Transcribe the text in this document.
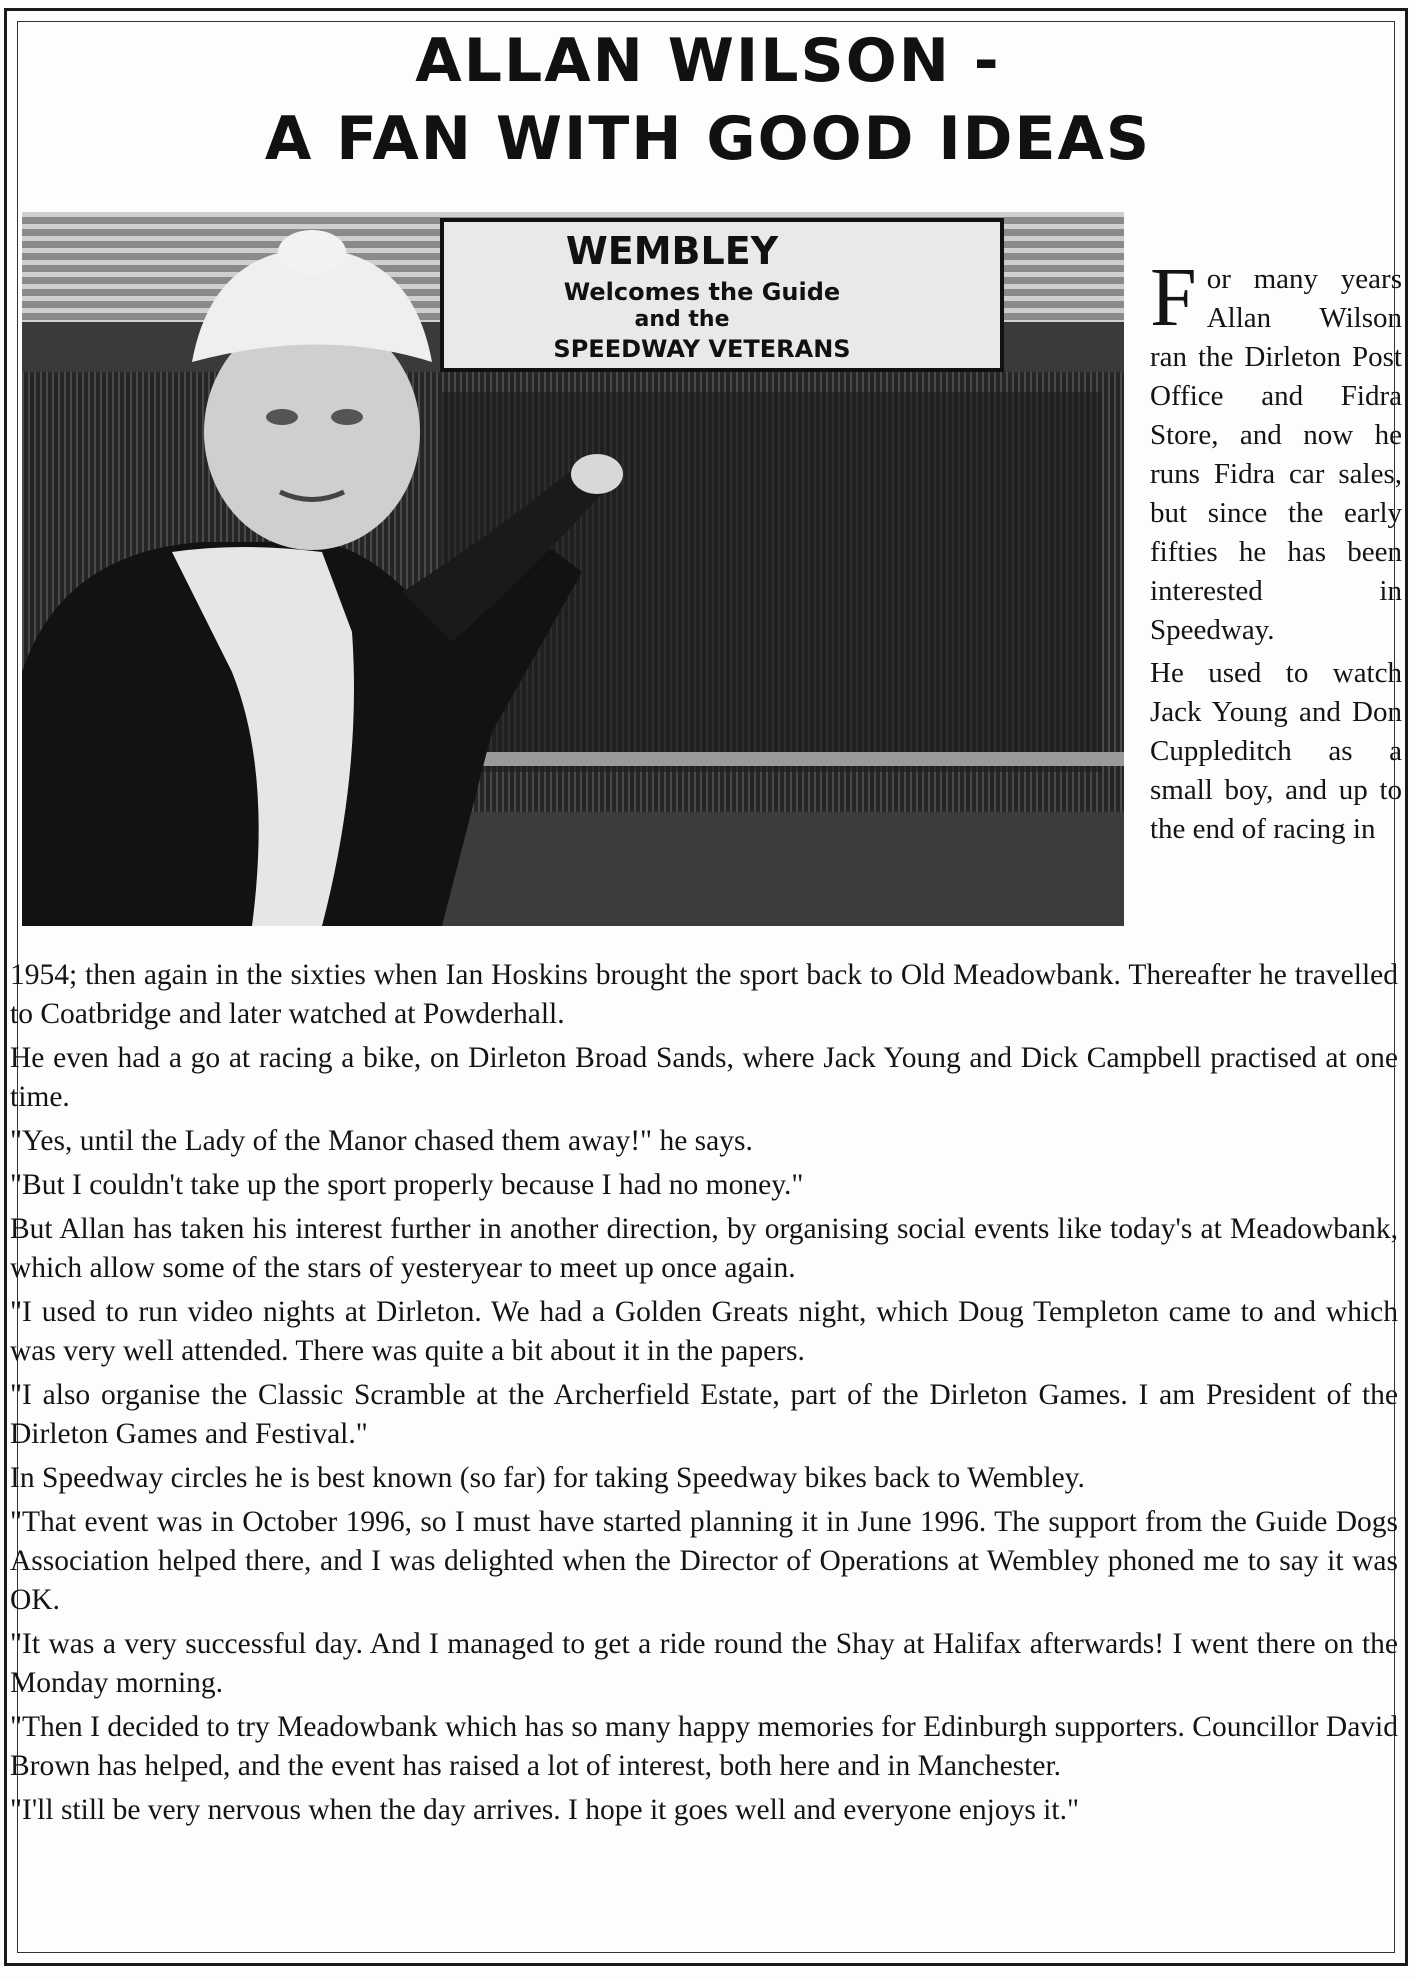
ALLAN WILSON -
A FAN WITH GOOD IDEAS
WEMBLEY
Welcomes the Guide
and the
SPEEDWAY VETERANS

For many years Allan Wilson ran the Dirleton Post Office and Fidra Store, and now he runs Fidra car sales, but since the early fifties he has been interested in Speedway.

He used to watch Jack Young and Don Cuppleditch as a small boy, and up to the end of racing in

1954; then again in the sixties when Ian Hoskins brought the sport back to Old Meadowbank. Thereafter he travelled to Coatbridge and later watched at Powderhall.

He even had a go at racing a bike, on Dirleton Broad Sands, where Jack Young and Dick Campbell practised at one time.

"Yes, until the Lady of the Manor chased them away!" he says.

"But I couldn't take up the sport properly because I had no money."

But Allan has taken his interest further in another direction, by organising social events like today's at Meadowbank, which allow some of the stars of yesteryear to meet up once again.

"I used to run video nights at Dirleton. We had a Golden Greats night, which Doug Templeton came to and which was very well attended. There was quite a bit about it in the papers.

"I also organise the Classic Scramble at the Archerfield Estate, part of the Dirleton Games. I am President of the Dirleton Games and Festival."

In Speedway circles he is best known (so far) for taking Speedway bikes back to Wembley.

"That event was in October 1996, so I must have started planning it in June 1996. The support from the Guide Dogs Association helped there, and I was delighted when the Director of Operations at Wembley phoned me to say it was OK.

"It was a very successful day. And I managed to get a ride round the Shay at Halifax afterwards! I went there on the Monday morning.

"Then I decided to try Meadowbank which has so many happy memories for Edinburgh supporters. Councillor David Brown has helped, and the event has raised a lot of interest, both here and in Manchester.

"I'll still be very nervous when the day arrives. I hope it goes well and everyone enjoys it."
